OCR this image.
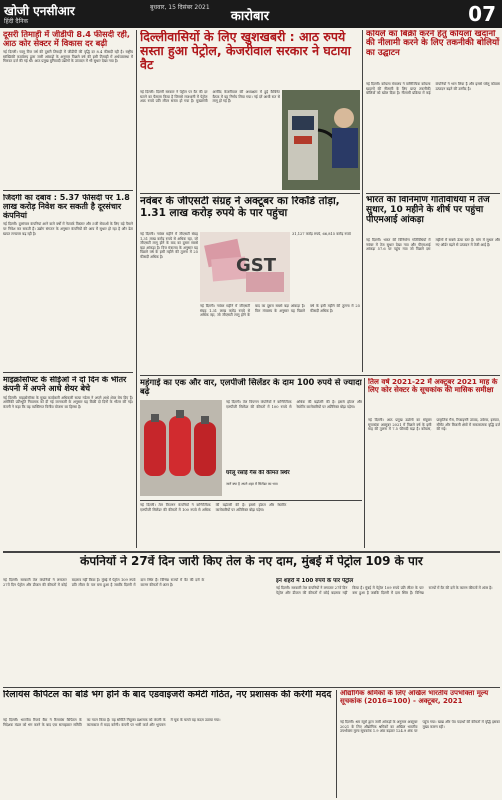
खोजी एनसीआर
हिंदी दैनिक
बुधवार, 15 दिसंबर 2021
कारोबार	07
दूसरी तिमाही में जीडीपी 8.4 फीसदी रही, आठ कोर सेक्टर में विकास दर बढ़ी
नई दिल्ली। चालू वित्त वर्ष की दूसरी तिमाही में जीडीपी की वृद्धि दर 8.4 फीसदी रही है। राष्ट्रीय सांख्यिकी कार्यालय द्वारा जारी आंकड़ों के अनुसार पिछले वर्ष की इसी तिमाही में अर्थव्यवस्था में गिरावट दर्ज की गई थी। आठ प्रमुख बुनियादी उद्योगों के उत्पादन में भी सुधार देखा गया है।
जिंदगी का दबाव : 5.37 फीसदी पर 1.8 लाख करोड़ निवेश कर सकती है दूरसंचार कंपनियां
नई दिल्ली। दूरसंचार कंपनियां आने वाले वर्षों में नेटवर्क विस्तार और 5जी सेवाओं के लिए बड़े पैमाने पर निवेश कर सकती हैं। उद्योग संगठन के अनुसार कंपनियों की आय में सुधार हो रहा है और डेटा खपत लगातार बढ़ रही है।
माइक्रोसॉफ्ट के सीईओ ने दो दिन के भीतर कंपनी में अपने आधे शेयर बेचे
नई दिल्ली। माइक्रोसॉफ्ट के मुख्य कार्यकारी अधिकारी सत्या नडेला ने अपने आधे शेयर बेच दिए हैं। अमेरिकी प्रतिभूति नियामक को दी गई जानकारी के अनुसार यह बिक्री दो दिनों के भीतर की गई। कंपनी ने कहा कि यह व्यक्तिगत वित्तीय योजना का हिस्सा है।
दिल्लीवासियों के लिए खुशखबरी : आठ रुपये सस्ता हुआ पेट्रोल, केजरीवाल सरकार ने घटाया वैट
नई दिल्ली। दिल्ली सरकार ने पेट्रोल पर वैट की दर घटाने का फैसला किया है जिससे राजधानी में पेट्रोल आठ रुपये प्रति लीटर सस्ता हो गया है। मुख्यमंत्री अरविंद केजरीवाल की अध्यक्षता में हुई कैबिनेट बैठक में यह निर्णय लिया गया। नई दरें आधी रात से लागू हो गई हैं।
नवंबर के जीएसटी संग्रह ने अक्टूबर का रिकॉर्ड तोड़ा, 1.31 लाख करोड़ रुपये के पार पहुंचा
नई दिल्ली। नवंबर महीने में जीएसटी संग्रह 1.31 लाख करोड़ रुपये से अधिक रहा, जो जीएसटी लागू होने के बाद का दूसरा सबसे बड़ा आंकड़ा है। वित्त मंत्रालय के अनुसार यह पिछले वर्ष के इसी महीने की तुलना में 25 फीसदी अधिक है।	GST
31,127 करोड़ रुपये, 66,815 करोड़ रुपये
नई दिल्ली। नवंबर महीने में जीएसटी संग्रह 1.31 लाख करोड़ रुपये से अधिक रहा, जो जीएसटी लागू होने के बाद का दूसरा सबसे बड़ा आंकड़ा है। वित्त मंत्रालय के अनुसार यह पिछले वर्ष के इसी महीने की तुलना में 25 फीसदी अधिक है।
कोयले का बिक्री करने हेतु कोयला खदानों की नीलामी करने के लिए तकनीकी बोलियों का उद्घाटन
नई दिल्ली। कोयला मंत्रालय ने वाणिज्यिक कोयला खदानों की नीलामी के लिए प्राप्त तकनीकी बोलियों को खोल दिया है। नीलामी प्रक्रिया में कई कंपनियों ने भाग लिया है और इससे घरेलू कोयला उत्पादन बढ़ने की उम्मीद है।
भारत की विनिर्माण गतिविधियों में तेज सुधार, 10 महीने के शीर्ष पर पहुंचा पीएमआई आंकड़ा
नई दिल्ली। भारत की विनिर्माण गतिविधियों में नवंबर में तेज सुधार देखा गया और पीएमआई आंकड़ा 57.6 पर पहुंच गया जो पिछले दस महीनों में सबसे ऊंचा स्तर है। मांग में सुधार और नए ऑर्डर बढ़ने से उत्पादन में तेजी आई है।
महंगाई का एक और वार, एलपीजी सिलेंडर के दाम 100 रुपये से ज्यादा बढ़े
नई दिल्ली। तेल विपणन कंपनियों ने वाणिज्यिक एलपीजी सिलेंडर की कीमतों में 100 रुपये से अधिक की बढ़ोतरी की है। इससे होटल और रेस्टोरेंट कारोबारियों पर अतिरिक्त बोझ पड़ेगा।
घरेलू रसोई गैस की कीमत स्थिर
जानें क्या है अपने शहर में सिलेंडर का भाव
तिल वर्ष 2021-22 में अक्टूबर 2021 माह के लिए कोर सेक्टर के सूचकांक की मासिक समीक्षा
नई दिल्ली। आठ प्रमुख उद्योगों का संयुक्त सूचकांक अक्टूबर 2021 में पिछले वर्ष के इसी माह की तुलना में 7.5 फीसदी बढ़ा है। कोयला, प्राकृतिक गैस, रिफाइनरी उत्पाद, उर्वरक, इस्पात, सीमेंट और बिजली क्षेत्रों में सकारात्मक वृद्धि दर्ज की गई।
नई दिल्ली। तेल विपणन कंपनियों ने वाणिज्यिक एलपीजी सिलेंडर की कीमतों में 100 रुपये से अधिक की बढ़ोतरी की है। इससे होटल और रेस्टोरेंट कारोबारियों पर अतिरिक्त बोझ पड़ेगा।
कंपनियों ने 27वें दिन जारी किए तेल के नए दाम, मुंबई में पेट्रोल 109 के पार
नई दिल्ली। सरकारी तेल कंपनियों ने लगातार 27वें दिन पेट्रोल और डीजल की कीमतों में कोई बदलाव नहीं किया है। मुंबई में पेट्रोल 109 रुपये प्रति लीटर के पार बना हुआ है जबकि दिल्ली में दाम स्थिर हैं। विभिन्न राज्यों में वैट की दरों के कारण कीमतों में अंतर है।
इन शहरों में 100 रुपये के पार पेट्रोल
नई दिल्ली। सरकारी तेल कंपनियों ने लगातार 27वें दिन पेट्रोल और डीजल की कीमतों में कोई बदलाव नहीं किया है। मुंबई में पेट्रोल 109 रुपये प्रति लीटर के पार बना हुआ है जबकि दिल्ली में दाम स्थिर हैं। विभिन्न राज्यों में वैट की दरों के कारण कीमतों में अंतर है।
रिलायंस कैपिटल का बोर्ड भंग होने के बाद एडवाइजरी कमेटी गठित, नए प्रशासक की करेगी मदद
नई दिल्ली। भारतीय रिजर्व बैंक ने रिलायंस कैपिटल के निदेशक मंडल को भंग करने के बाद एक सलाहकार समिति का गठन किया है। यह समिति नियुक्त प्रशासक को कंपनी के कामकाज में मदद करेगी। कंपनी पर भारी कर्ज और भुगतान में चूक के चलते यह कदम उठाया गया।
औद्योगिक श्रमिकों के लिए अखिल भारतीय उपभोक्ता मूल्य सूचकांक (2016=100) - अक्टूबर, 2021
नई दिल्ली। श्रम ब्यूरो द्वारा जारी आंकड़ों के अनुसार अक्टूबर 2021 के लिए औद्योगिक श्रमिकों का अखिल भारतीय उपभोक्ता मूल्य सूचकांक 1.9 अंक बढ़कर 124.9 अंक पर पहुंच गया। खाद्य और पेय पदार्थों की कीमतों में वृद्धि इसका मुख्य कारण रही।
